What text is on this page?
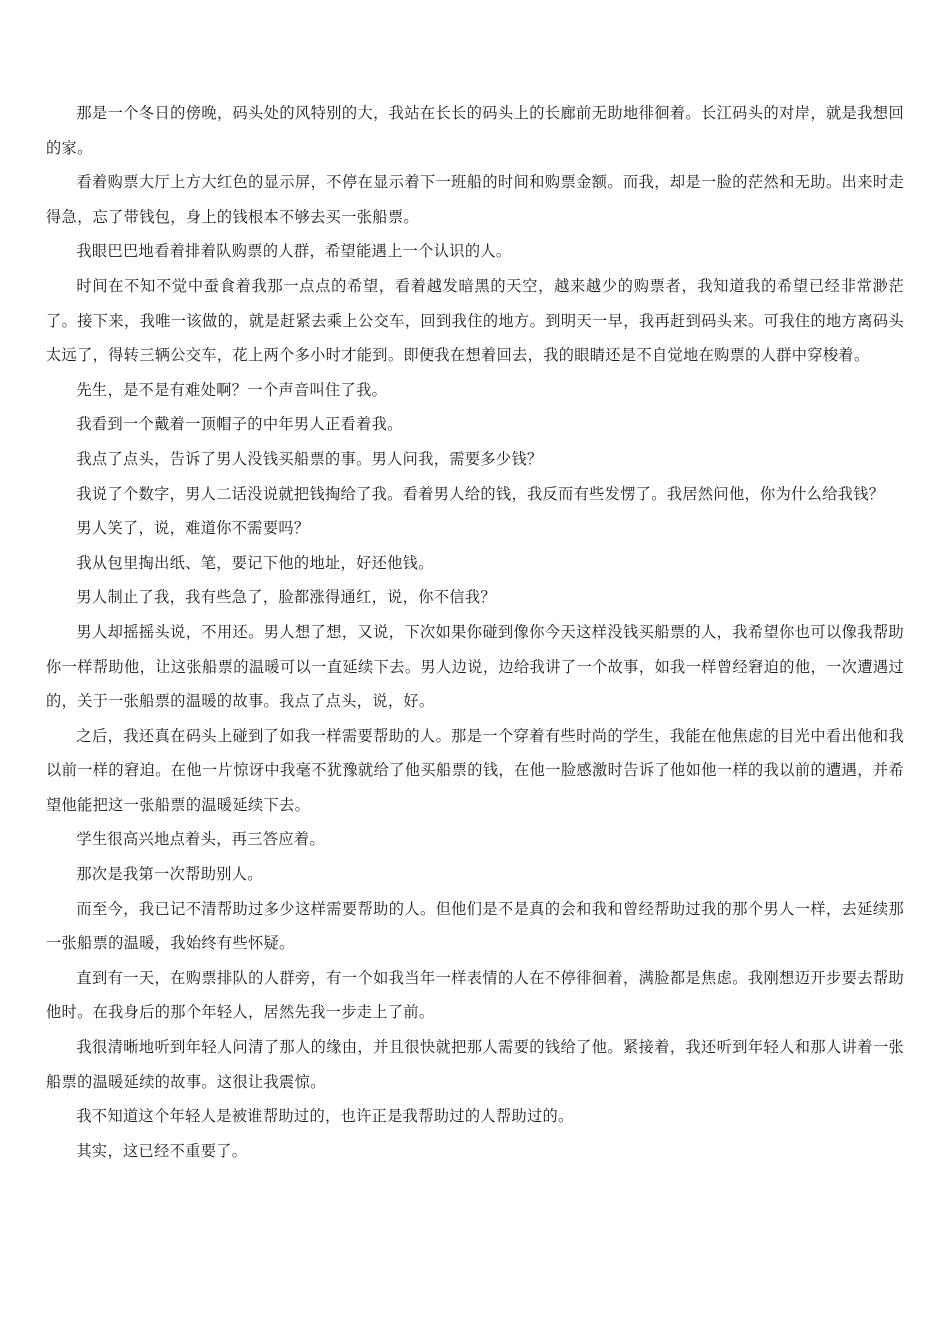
那是一个冬日的傍晚，码头处的风特别的大，我站在长长的码头上的长廊前无助地徘徊着。长江码头的对岸，就是我想回的家。

看着购票大厅上方大红色的显示屏，不停在显示着下一班船的时间和购票金额。而我，却是一脸的茫然和无助。出来时走得急，忘了带钱包，身上的钱根本不够去买一张船票。

我眼巴巴地看着排着队购票的人群，希望能遇上一个认识的人。

时间在不知不觉中蚕食着我那一点点的希望，看着越发暗黑的天空，越来越少的购票者，我知道我的希望已经非常渺茫了。接下来，我唯一该做的，就是赶紧去乘上公交车，回到我住的地方。到明天一早，我再赶到码头来。可我住的地方离码头太远了，得转三辆公交车，花上两个多小时才能到。即便我在想着回去，我的眼睛还是不自觉地在购票的人群中穿梭着。

先生，是不是有难处啊？一个声音叫住了我。

我看到一个戴着一顶帽子的中年男人正看着我。

我点了点头，告诉了男人没钱买船票的事。男人问我，需要多少钱？

我说了个数字，男人二话没说就把钱掏给了我。看着男人给的钱，我反而有些发愣了。我居然问他，你为什么给我钱？

男人笑了，说，难道你不需要吗？

我从包里掏出纸、笔，要记下他的地址，好还他钱。

男人制止了我，我有些急了，脸都涨得通红，说，你不信我？

男人却摇摇头说，不用还。男人想了想，又说，下次如果你碰到像你今天这样没钱买船票的人，我希望你也可以像我帮助你一样帮助他，让这张船票的温暖可以一直延续下去。男人边说，边给我讲了一个故事，如我一样曾经窘迫的他，一次遭遇过的，关于一张船票的温暖的故事。我点了点头，说，好。

之后，我还真在码头上碰到了如我一样需要帮助的人。那是一个穿着有些时尚的学生，我能在他焦虑的目光中看出他和我以前一样的窘迫。在他一片惊讶中我毫不犹豫就给了他买船票的钱，在他一脸感激时告诉了他如他一样的我以前的遭遇，并希望他能把这一张船票的温暖延续下去。

学生很高兴地点着头，再三答应着。

那次是我第一次帮助别人。

而至今，我已记不清帮助过多少这样需要帮助的人。但他们是不是真的会和我和曾经帮助过我的那个男人一样，去延续那一张船票的温暖，我始终有些怀疑。

直到有一天，在购票排队的人群旁，有一个如我当年一样表情的人在不停徘徊着，满脸都是焦虑。我刚想迈开步要去帮助他时。在我身后的那个年轻人，居然先我一步走上了前。

我很清晰地听到年轻人问清了那人的缘由，并且很快就把那人需要的钱给了他。紧接着，我还听到年轻人和那人讲着一张船票的温暖延续的故事。这很让我震惊。

我不知道这个年轻人是被谁帮助过的，也许正是我帮助过的人帮助过的。

其实，这已经不重要了。
